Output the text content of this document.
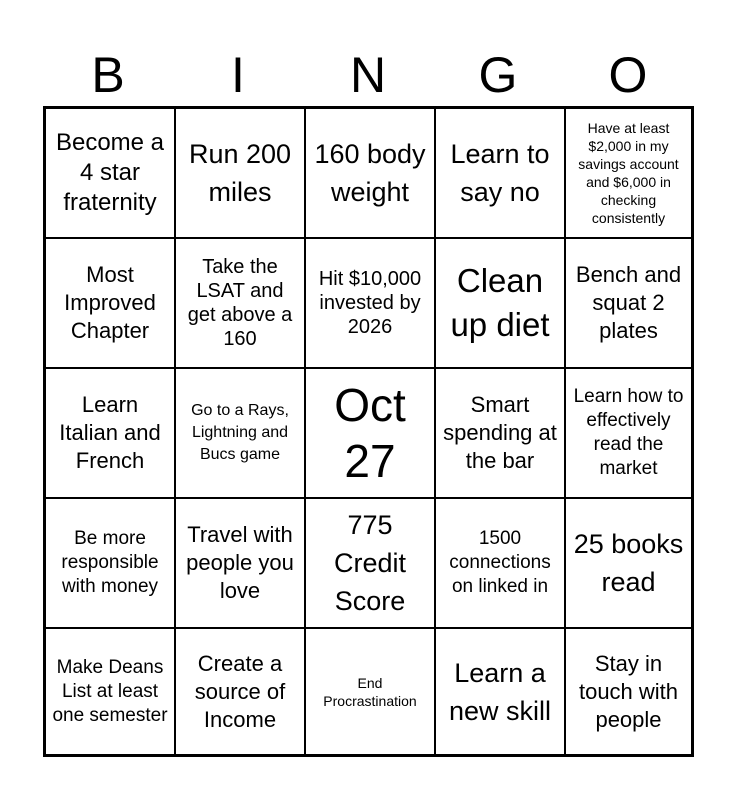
B	I	N	G	O
Become a 4 star fraternity
Run 200 miles
160 body weight
Learn to say no
Have at least $2,000 in my savings account and $6,000 in checking consistently
Most Improved Chapter
Take the LSAT and get above a 160
Hit $10,000 invested by 2026
Clean up diet
Bench and squat 2 plates
Learn Italian and French
Go to a Rays, Lightning and Bucs game
Oct 27
Smart spending at the bar
Learn how to effectively read the market
Be more responsible with money
Travel with people you love
775 Credit Score
1500 connections on linked in
25 books read
Make Deans List at least one semester
Create a source of Income
End Procrastination
Learn a new skill
Stay in touch with people
